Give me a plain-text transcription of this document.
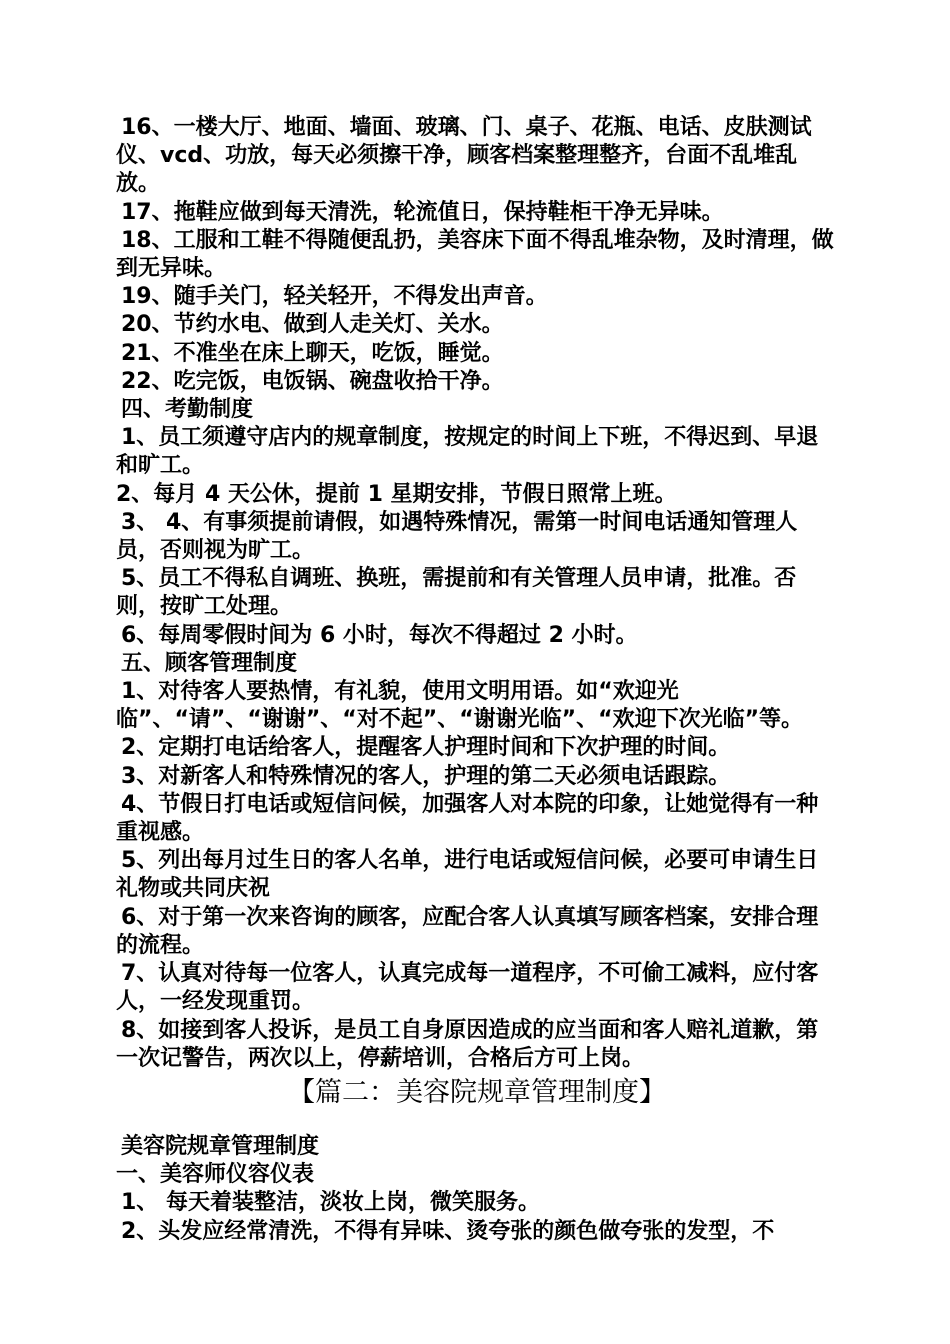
16、一楼大厅、地面、墙面、玻璃、门、桌子、花瓶、电话、皮肤测试仪、vcd、功放，每天必须擦干净，顾客档案整理整齐，台面不乱堆乱放。

17、拖鞋应做到每天清洗，轮流值日，保持鞋柜干净无异味。

18、工服和工鞋不得随便乱扔，美容床下面不得乱堆杂物，及时清理，做到无异味。

19、随手关门，轻关轻开，不得发出声音。

20、节约水电、做到人走关灯、关水。

21、不准坐在床上聊天，吃饭，睡觉。

22、吃完饭，电饭锅、碗盘收拾干净。

四、考勤制度

1、员工须遵守店内的规章制度，按规定的时间上下班，不得迟到、早退和旷工。

2、每月 4 天公休，提前 1 星期安排，节假日照常上班。

3、 4、有事须提前请假，如遇特殊情况，需第一时间电话通知管理人员，否则视为旷工。

5、员工不得私自调班、换班，需提前和有关管理人员申请，批准。否则，按旷工处理。

6、每周零假时间为 6 小时，每次不得超过 2 小时。

五、顾客管理制度

1、对待客人要热情，有礼貌，使用文明用语。如“欢迎光临”、“请”、“谢谢”、“对不起”、“谢谢光临”、“欢迎下次光临”等。

2、定期打电话给客人，提醒客人护理时间和下次护理的时间。

3、对新客人和特殊情况的客人，护理的第二天必须电话跟踪。

4、节假日打电话或短信问候，加强客人对本院的印象，让她觉得有一种重视感。

5、列出每月过生日的客人名单，进行电话或短信问候，必要可申请生日礼物或共同庆祝

6、对于第一次来咨询的顾客，应配合客人认真填写顾客档案，安排合理的流程。

7、认真对待每一位客人，认真完成每一道程序，不可偷工减料，应付客人，一经发现重罚。

8、如接到客人投诉，是员工自身原因造成的应当面和客人赔礼道歉，第一次记警告，两次以上，停薪培训，合格后方可上岗。

【篇二：美容院规章管理制度】

美容院规章管理制度

一、美容师仪容仪表

1、 每天着装整洁，淡妆上岗，微笑服务。

2、头发应经常清洗，不得有异味、烫夸张的颜色做夸张的发型，不
